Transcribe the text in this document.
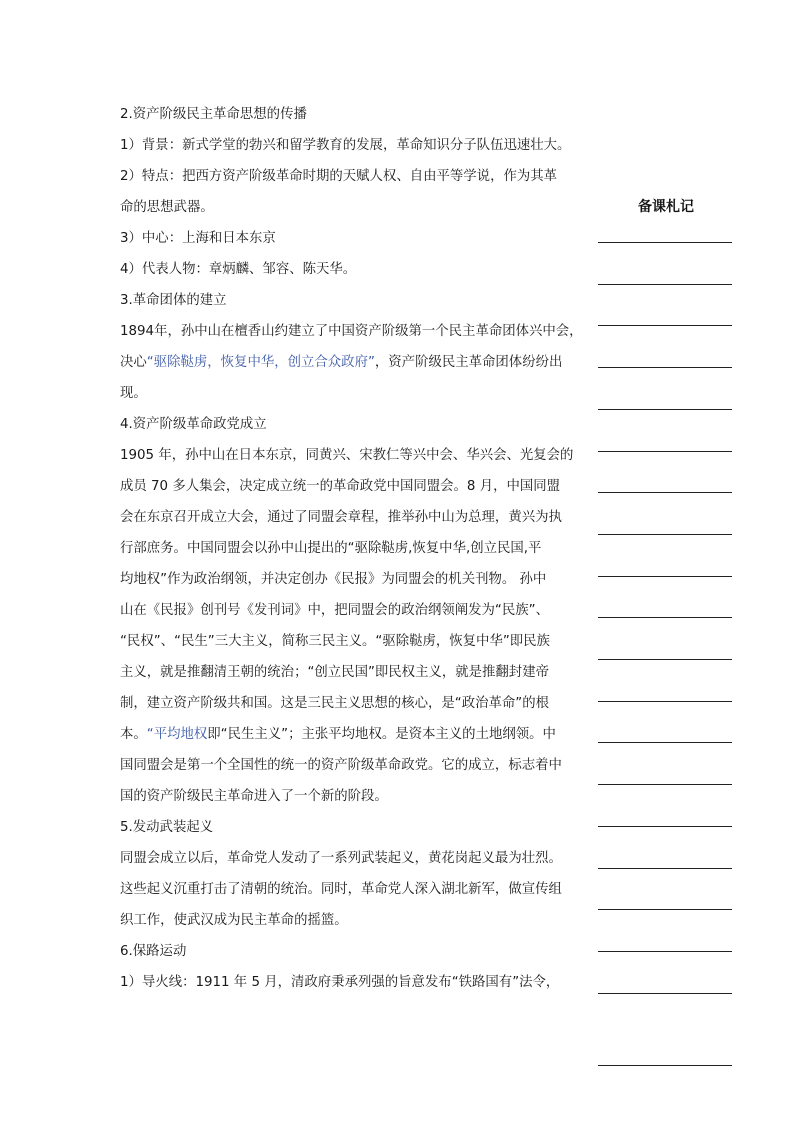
2.资产阶级民主革命思想的传播
1）背景：新式学堂的勃兴和留学教育的发展，革命知识分子队伍迅速壮大。
2）特点：把西方资产阶级革命时期的天赋人权、自由平等学说，作为其革
命的思想武器。
3）中心：上海和日本东京
4）代表人物：章炳麟、邹容、陈天华。
3.革命团体的建立
1894年，孙中山在檀香山约建立了中国资产阶级第一个民主革命团体兴中会，
决心“驱除鞑虏，恢复中华，创立合众政府”，资产阶级民主革命团体纷纷出
现。
4.资产阶级革命政党成立
1905 年，孙中山在日本东京，同黄兴、宋教仁等兴中会、华兴会、光复会的
成员 70 多人集会，决定成立统一的革命政党中国同盟会。8 月，中国同盟
会在东京召开成立大会，通过了同盟会章程，推举孙中山为总理，黄兴为执
行部庶务。中国同盟会以孙中山提出的“驱除鞑虏,恢复中华,创立民国,平
均地权”作为政治纲领，并决定创办《民报》为同盟会的机关刊物。 孙中
山在《民报》创刊号《发刊词》中，把同盟会的政治纲领阐发为“民族”、
“民权”、“民生”三大主义，简称三民主义。“驱除鞑虏，恢复中华”即民族
主义，就是推翻清王朝的统治；“创立民国”即民权主义，就是推翻封建帝
制，建立资产阶级共和国。这是三民主义思想的核心，是“政治革命”的根
本。“平均地权即“民生主义”；主张平均地权。是资本主义的土地纲领。中
国同盟会是第一个全国性的统一的资产阶级革命政党。它的成立，标志着中
国的资产阶级民主革命进入了一个新的阶段。
5.发动武装起义
同盟会成立以后，革命党人发动了一系列武装起义，黄花岗起义最为壮烈。
这些起义沉重打击了清朝的统治。同时，革命党人深入湖北新军，做宣传组
织工作，使武汉成为民主革命的摇篮。
6.保路运动
1）导火线：1911 年 5 月，清政府秉承列强的旨意发布“铁路国有”法令，
备课札记
